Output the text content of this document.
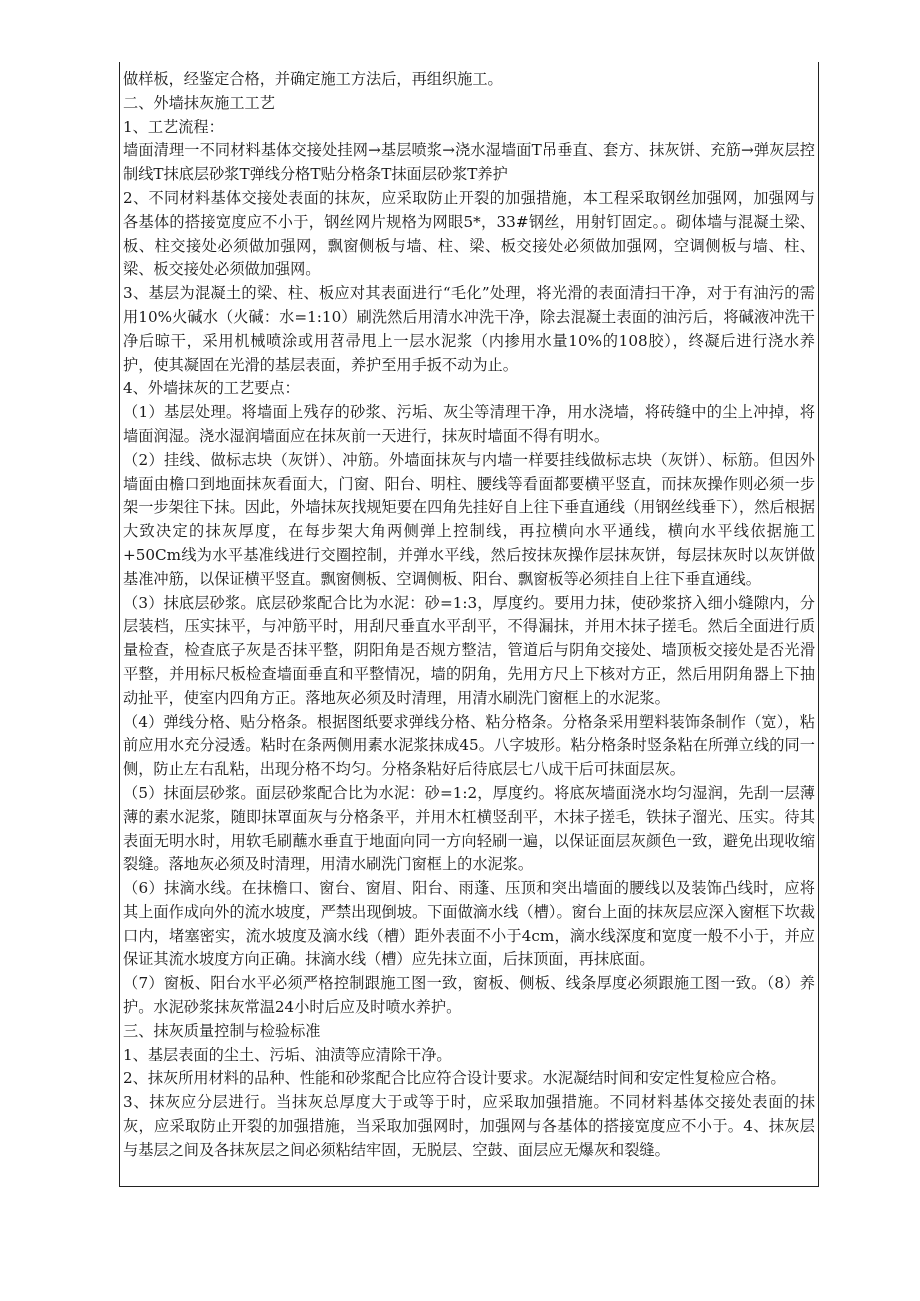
做样板，经鉴定合格，并确定施工方法后，再组织施工。

二、外墙抹灰施工工艺

1、工艺流程：

墙面清理一不同材料基体交接处挂网→基层喷浆→浇水湿墙面T吊垂直、套方、抹灰饼、充筋→弹灰层控制线T抹底层砂浆T弹线分格T贴分格条T抹面层砂浆T养护

2、不同材料基体交接处表面的抹灰，应采取防止开裂的加强措施，本工程采取钢丝加强网，加强网与各基体的搭接宽度应不小于，钢丝网片规格为网眼5*，33#钢丝，用射钉固定。。砌体墙与混凝土梁、板、柱交接处必须做加强网，飘窗侧板与墙、柱、梁、板交接处必须做加强网，空调侧板与墙、柱、梁、板交接处必须做加强网。

3、基层为混凝土的梁、柱、板应对其表面进行“毛化”处理，将光滑的表面清扫干净，对于有油污的需用10%火碱水（火碱：水=1:10）刷洗然后用清水冲洗干净，除去混凝土表面的油污后，将碱液冲洗干净后晾干，采用机械喷涂或用苕帚甩上一层水泥浆（内掺用水量10%的108胶），终凝后进行浇水养护，使其凝固在光滑的基层表面，养护至用手扳不动为止。

4、外墙抹灰的工艺要点：

（1）基层处理。将墙面上残存的砂浆、污垢、灰尘等清理干净，用水浇墙，将砖缝中的尘上冲掉，将墙面润湿。浇水湿润墙面应在抹灰前一天进行，抹灰时墙面不得有明水。

（2）挂线、做标志块（灰饼）、冲筋。外墙面抹灰与内墙一样要挂线做标志块（灰饼）、标筋。但因外墙面由檐口到地面抹灰看面大，门窗、阳台、明柱、腰线等看面都要横平竖直，而抹灰操作则必须一步架一步架往下抹。因此，外墙抹灰找规矩要在四角先挂好自上往下垂直通线（用钢丝线垂下），然后根据大致决定的抹灰厚度，在每步架大角两侧弹上控制线，再拉横向水平通线，横向水平线依据施工+50Cm线为水平基准线进行交圈控制，并弹水平线，然后按抹灰操作层抹灰饼，每层抹灰时以灰饼做基准冲筋，以保证横平竖直。飘窗侧板、空调侧板、阳台、飘窗板等必须挂自上往下垂直通线。

（3）抹底层砂浆。底层砂浆配合比为水泥：砂=1:3，厚度约。要用力抹，使砂浆挤入细小缝隙内，分层装档，压实抹平，与冲筋平时，用刮尺垂直水平刮平，不得漏抹，并用木抹子搓毛。然后全面进行质量检查，检查底子灰是否抹平整，阴阳角是否规方整洁，管道后与阴角交接处、墙顶板交接处是否光滑平整，并用标尺板检查墙面垂直和平整情况，墙的阴角，先用方尺上下核对方正，然后用阴角器上下抽动扯平，使室内四角方正。落地灰必须及时清理，用清水刷洗门窗框上的水泥浆。

（4）弹线分格、贴分格条。根据图纸要求弹线分格、粘分格条。分格条采用塑料装饰条制作（宽），粘前应用水充分浸透。粘时在条两侧用素水泥浆抹成45。八字坡形。粘分格条时竖条粘在所弹立线的同一侧，防止左右乱粘，出现分格不均匀。分格条粘好后待底层七八成干后可抹面层灰。

（5）抹面层砂浆。面层砂浆配合比为水泥：砂=1:2，厚度约。将底灰墙面浇水均匀湿润，先刮一层薄薄的素水泥浆，随即抹罩面灰与分格条平，并用木杠横竖刮平，木抹子搓毛，铁抹子溜光、压实。待其表面无明水时，用软毛刷蘸水垂直于地面向同一方向轻刷一遍，以保证面层灰颜色一致，避免出现收缩裂缝。落地灰必须及时清理，用清水刷洗门窗框上的水泥浆。

（6）抹滴水线。在抹檐口、窗台、窗眉、阳台、雨蓬、压顶和突出墙面的腰线以及装饰凸线时，应将其上面作成向外的流水坡度，严禁出现倒坡。下面做滴水线（槽）。窗台上面的抹灰层应深入窗框下坎裁口内，堵塞密实，流水坡度及滴水线（槽）距外表面不小于4cm，滴水线深度和宽度一般不小于，并应保证其流水坡度方向正确。抹滴水线（槽）应先抹立面，后抹顶面，再抹底面。

（7）窗板、阳台水平必须严格控制跟施工图一致，窗板、侧板、线条厚度必须跟施工图一致。（8）养护。水泥砂浆抹灰常温24小时后应及时喷水养护。

三、抹灰质量控制与检验标准

1、基层表面的尘土、污垢、油渍等应清除干净。

2、抹灰所用材料的品种、性能和砂浆配合比应符合设计要求。水泥凝结时间和安定性复检应合格。

3、抹灰应分层进行。当抹灰总厚度大于或等于时，应采取加强措施。不同材料基体交接处表面的抹灰，应采取防止开裂的加强措施，当采取加强网时，加强网与各基体的搭接宽度应不小于。4、抹灰层与基层之间及各抹灰层之间必须粘结牢固，无脱层、空鼓、面层应无爆灰和裂缝。
